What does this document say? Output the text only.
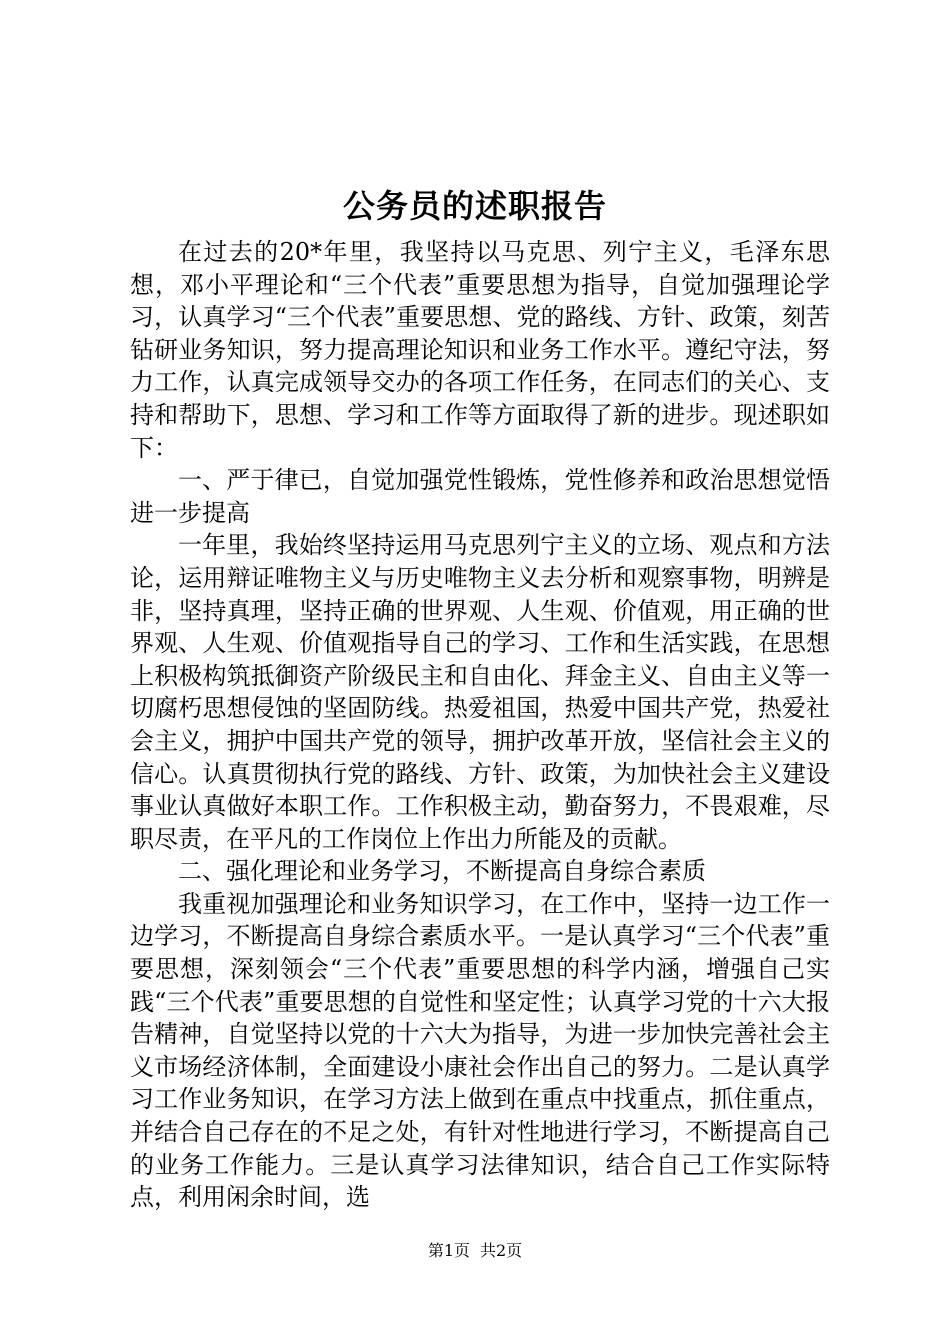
公务员的述职报告

在过去的20*年里，我坚持以马克思、列宁主义，毛泽东思想，邓小平理论和“三个代表”重要思想为指导，自觉加强理论学习，认真学习“三个代表”重要思想、党的路线、方针、政策，刻苦钻研业务知识，努力提高理论知识和业务工作水平。遵纪守法，努力工作，认真完成领导交办的各项工作任务，在同志们的关心、支持和帮助下，思想、学习和工作等方面取得了新的进步。现述职如下：

一、严于律已，自觉加强党性锻炼，党性修养和政治思想觉悟进一步提高

一年里，我始终坚持运用马克思列宁主义的立场、观点和方法论，运用辩证唯物主义与历史唯物主义去分析和观察事物，明辨是非，坚持真理，坚持正确的世界观、人生观、价值观，用正确的世界观、人生观、价值观指导自己的学习、工作和生活实践，在思想上积极构筑抵御资产阶级民主和自由化、拜金主义、自由主义等一切腐朽思想侵蚀的坚固防线。热爱祖国，热爱中国共产党，热爱社会主义，拥护中国共产党的领导，拥护改革开放，坚信社会主义的信心。认真贯彻执行党的路线、方针、政策，为加快社会主义建设事业认真做好本职工作。工作积极主动，勤奋努力，不畏艰难，尽职尽责，在平凡的工作岗位上作出力所能及的贡献。

二、强化理论和业务学习，不断提高自身综合素质

我重视加强理论和业务知识学习，在工作中，坚持一边工作一边学习，不断提高自身综合素质水平。一是认真学习“三个代表”重要思想，深刻领会“三个代表”重要思想的科学内涵，增强自己实践“三个代表”重要思想的自觉性和坚定性；认真学习党的十六大报告精神，自觉坚持以党的十六大为指导，为进一步加快完善社会主义市场经济体制，全面建设小康社会作出自己的努力。二是认真学习工作业务知识，在学习方法上做到在重点中找重点，抓住重点，并结合自己存在的不足之处，有针对性地进行学习，不断提高自己的业务工作能力。三是认真学习法律知识，结合自己工作实际特点，利用闲余时间，选

第1页 共2页
